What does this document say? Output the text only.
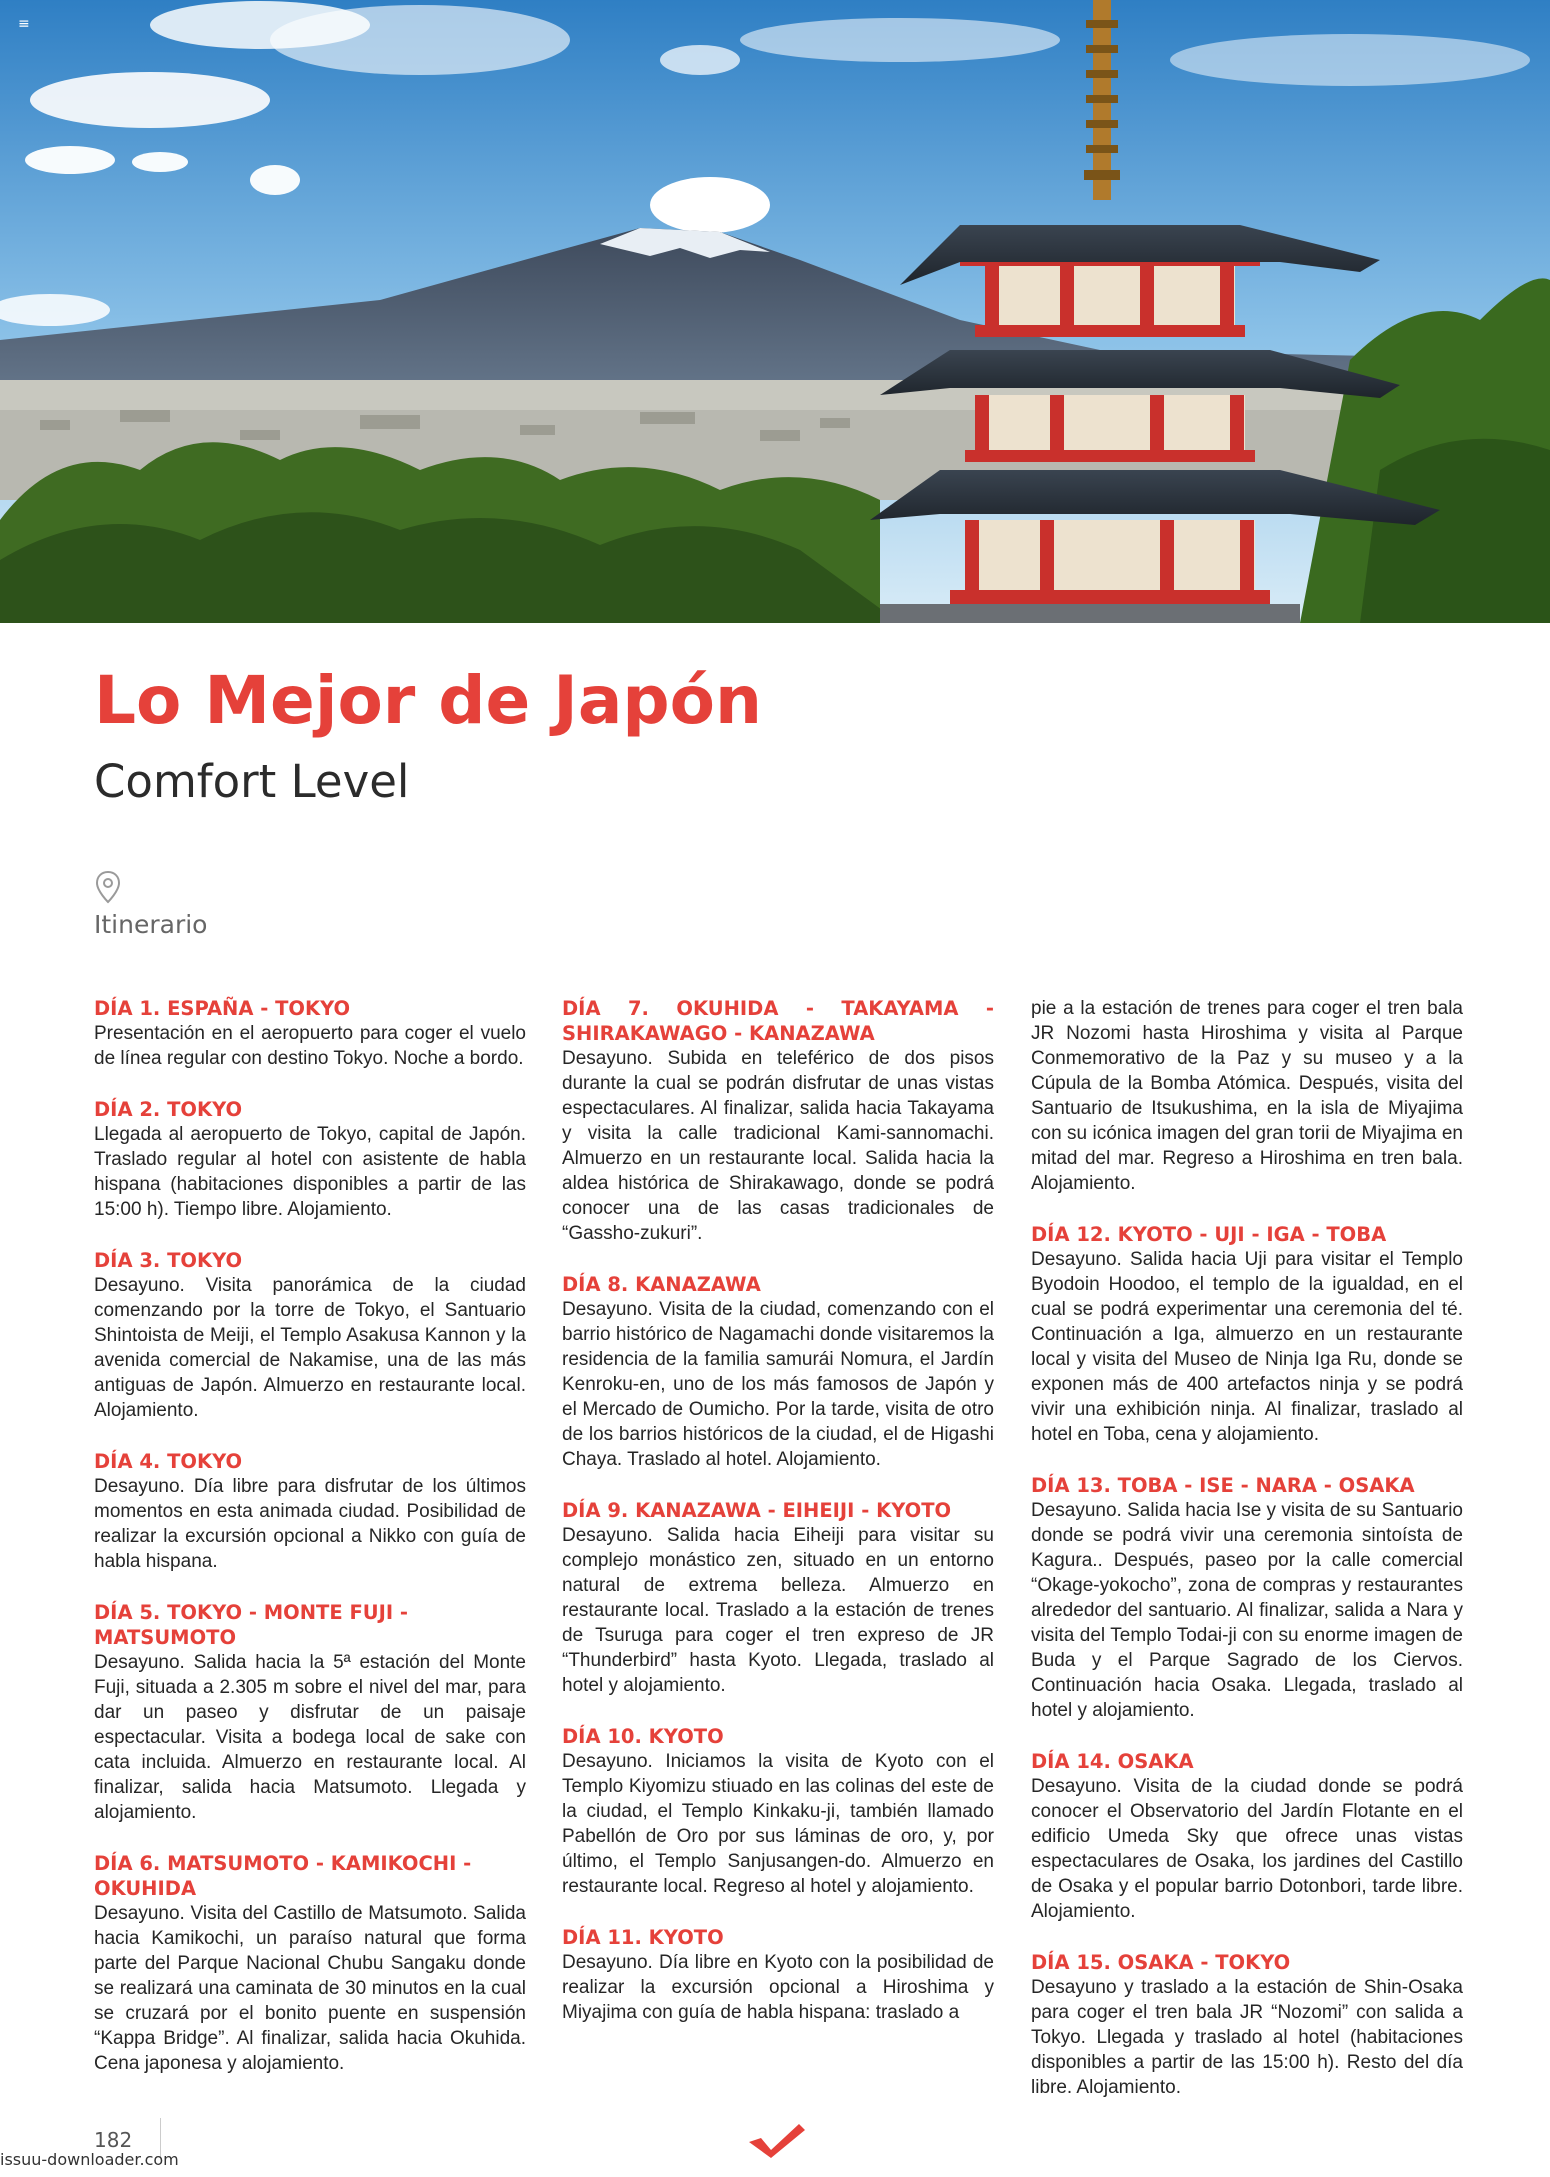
≡
Lo Mejor de Japón
Comfort Level
Itinerario
DÍA 1. ESPAÑA - TOKYO

Presentación en el aeropuerto para coger el vuelo de línea regular con destino Tokyo. Noche a bordo.

DÍA 2. TOKYO

Llegada al aeropuerto de Tokyo, capital de Japón. Traslado regular al hotel con asistente de habla hispana (habitaciones disponibles a partir de las 15:00 h). Tiempo libre. Alojamiento.

DÍA 3. TOKYO

Desayuno. Visita panorámica de la ciudad comenzando por la torre de Tokyo, el Santuario Shintoista de Meiji, el Templo Asakusa Kannon y la avenida comercial de Nakamise, una de las más antiguas de Japón. Almuerzo en restaurante local. Alojamiento.

DÍA 4. TOKYO

Desayuno. Día libre para disfrutar de los últimos momentos en esta animada ciudad. Posibilidad de realizar la excursión opcional a Nikko con guía de habla hispana.

DÍA 5. TOKYO - MONTE FUJI - MATSUMOTO

Desayuno. Salida hacia la 5ª estación del Monte Fuji, situada a 2.305 m sobre el nivel del mar, para dar un paseo y disfrutar de un paisaje espectacular. Visita a bodega local de sake con cata incluida. Almuerzo en restaurante local. Al finalizar, salida hacia Matsumoto. Llegada y alojamiento.

DÍA 6. MATSUMOTO - KAMIKOCHI - OKUHIDA

Desayuno. Visita del Castillo de Matsumoto. Salida hacia Kamikochi, un paraíso natural que forma parte del Parque Nacional Chubu Sangaku donde se realizará una caminata de 30 minutos en la cual se cruzará por el bonito puente en suspensión “Kappa Bridge”. Al finalizar, salida hacia Okuhida. Cena japonesa y alojamiento.

DÍA 7. OKUHIDA - TAKAYAMA - SHIRAKAWAGO - KANAZAWA

Desayuno. Subida en teleférico de dos pisos durante la cual se podrán disfrutar de unas vistas espectaculares. Al finalizar, salida hacia Takayama y visita la calle tradicional Kami-sannomachi. Almuerzo en un restaurante local. Salida hacia la aldea histórica de Shirakawago, donde se podrá conocer una de las casas tradicionales de “Gassho-zukuri”.

DÍA 8. KANAZAWA

Desayuno. Visita de la ciudad, comenzando con el barrio histórico de Nagamachi donde visitaremos la residencia de la familia samurái Nomura, el Jardín Kenroku-en, uno de los más famosos de Japón y el Mercado de Oumicho. Por la tarde, visita de otro de los barrios históricos de la ciudad, el de Higashi Chaya. Traslado al hotel. Alojamiento.

DÍA 9. KANAZAWA - EIHEIJI - KYOTO

Desayuno. Salida hacia Eiheiji para visitar su complejo monástico zen, situado en un entorno natural de extrema belleza. Almuerzo en restaurante local. Traslado a la estación de trenes de Tsuruga para coger el tren expreso de JR “Thunderbird” hasta Kyoto. Llegada, traslado al hotel y alojamiento.

DÍA 10. KYOTO

Desayuno. Iniciamos la visita de Kyoto con el Templo Kiyomizu stiuado en las colinas del este de la ciudad, el Templo Kinkaku-ji, también llamado Pabellón de Oro por sus láminas de oro, y, por último, el Templo Sanjusangen-do. Almuerzo en restaurante local. Regreso al hotel y alojamiento.

DÍA 11. KYOTO

Desayuno. Día libre en Kyoto con la posibilidad de realizar la excursión opcional a Hiroshima y Miyajima con guía de habla hispana: traslado a

pie a la estación de trenes para coger el tren bala JR Nozomi hasta Hiroshima y visita al Parque Conmemorativo de la Paz y su museo y a la Cúpula de la Bomba Atómica. Después, visita del Santuario de Itsukushima, en la isla de Miyajima con su icónica imagen del gran torii de Miyajima en mitad del mar. Regreso a Hiroshima en tren bala. Alojamiento.

DÍA 12. KYOTO - UJI - IGA - TOBA

Desayuno. Salida hacia Uji para visitar el Templo Byodoin Hoodoo, el templo de la igualdad, en el cual se podrá experimentar una ceremonia del té. Continuación a Iga, almuerzo en un restaurante local y visita del Museo de Ninja Iga Ru, donde se exponen más de 400 artefactos ninja y se podrá vivir una exhibición ninja. Al finalizar, traslado al hotel en Toba, cena y alojamiento.

DÍA 13. TOBA - ISE - NARA - OSAKA

Desayuno. Salida hacia Ise y visita de su Santuario donde se podrá vivir una ceremonia sintoísta de Kagura.. Después, paseo por la calle comercial “Okage-yokocho”, zona de compras y restaurantes alrededor del santuario. Al finalizar, salida a Nara y visita del Templo Todai-ji con su enorme imagen de Buda y el Parque Sagrado de los Ciervos. Continuación hacia Osaka. Llegada, traslado al hotel y alojamiento.

DÍA 14. OSAKA

Desayuno. Visita de la ciudad donde se podrá conocer el Observatorio del Jardín Flotante en el edificio Umeda Sky que ofrece unas vistas espectaculares de Osaka, los jardines del Castillo de Osaka y el popular barrio Dotonbori, tarde libre. Alojamiento.

DÍA 15. OSAKA - TOKYO

Desayuno y traslado a la estación de Shin-Osaka para coger el tren bala JR “Nozomi” con salida a Tokyo. Llegada y traslado al hotel (habitaciones disponibles a partir de las 15:00 h). Resto del día libre. Alojamiento.

182
issuu-downloader.com
